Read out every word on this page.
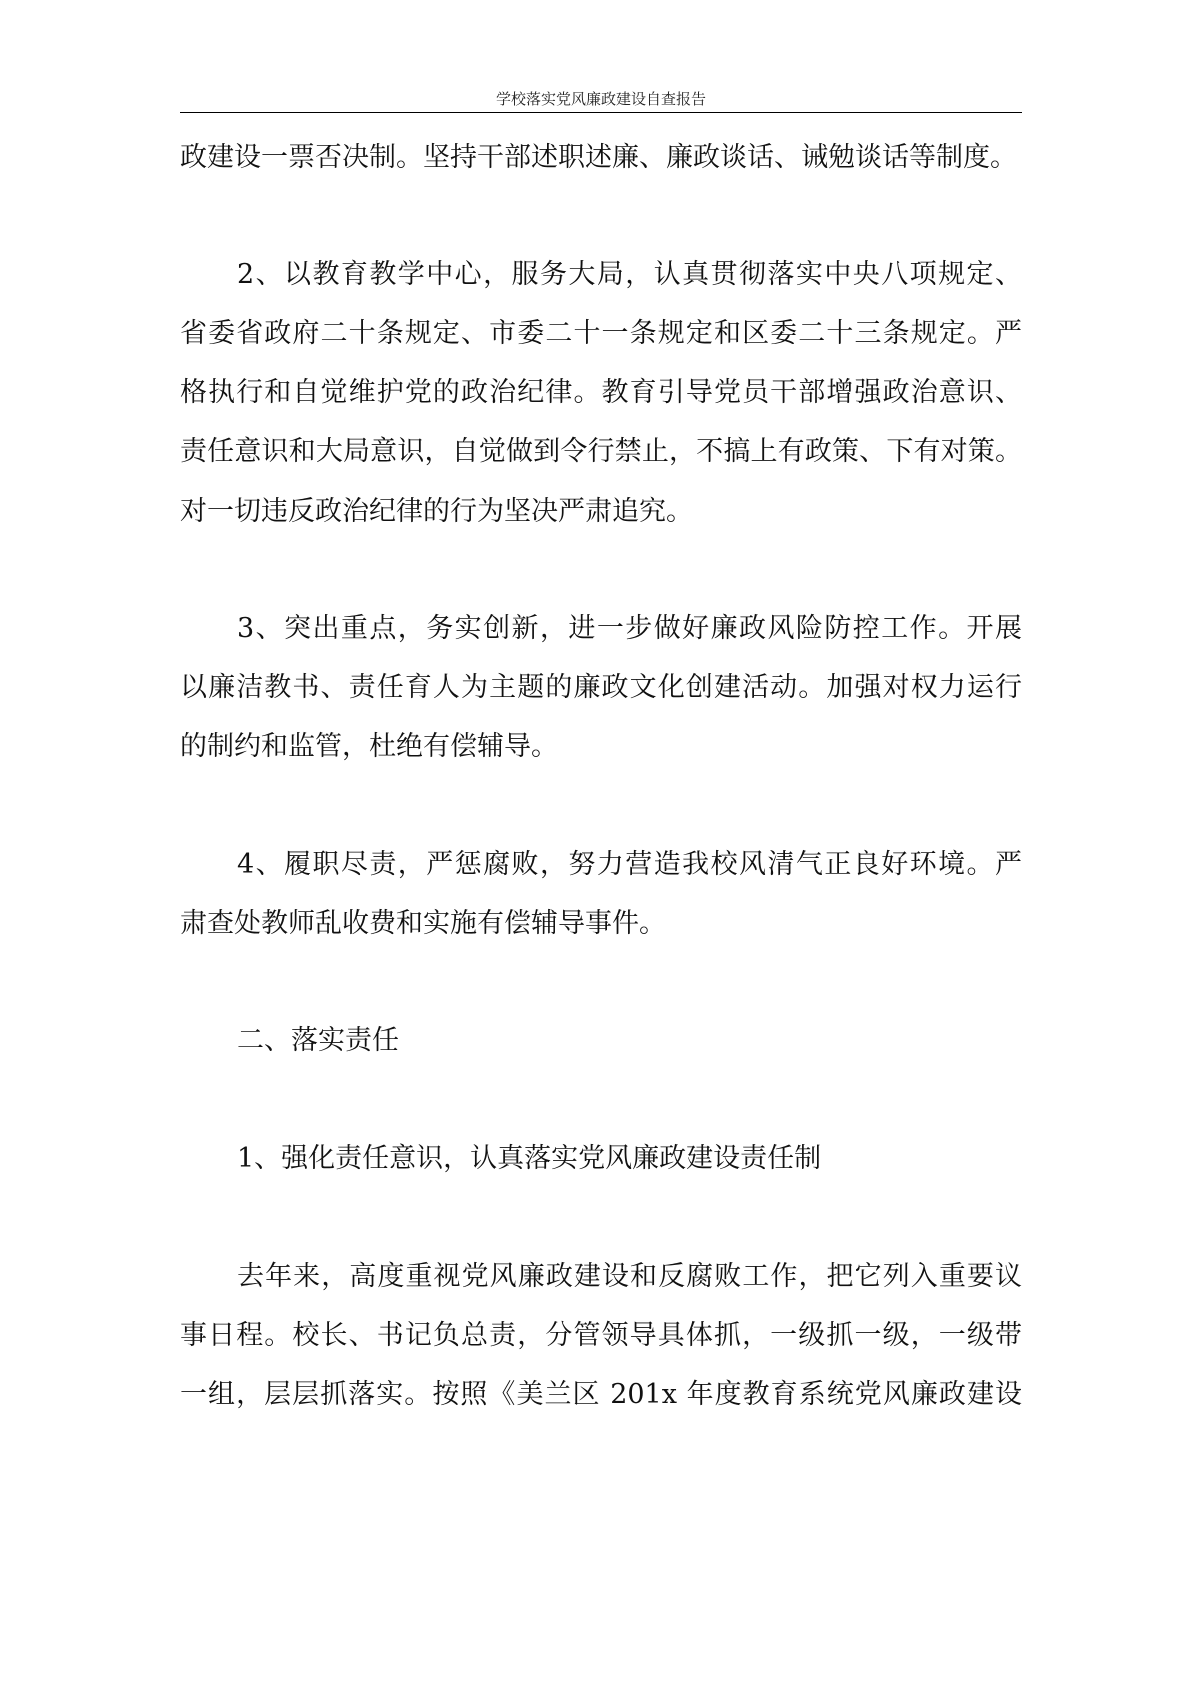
学校落实党风廉政建设自查报告
政建设一票否决制。坚持干部述职述廉、廉政谈话、诫勉谈话等制度。
2、以教育教学中心，服务大局，认真贯彻落实中央八项规定、
省委省政府二十条规定、市委二十一条规定和区委二十三条规定。严
格执行和自觉维护党的政治纪律。教育引导党员干部增强政治意识、
责任意识和大局意识，自觉做到令行禁止，不搞上有政策、下有对策。
对一切违反政治纪律的行为坚决严肃追究。
3、突出重点，务实创新，进一步做好廉政风险防控工作。开展
以廉洁教书、责任育人为主题的廉政文化创建活动。加强对权力运行
的制约和监管，杜绝有偿辅导。
4、履职尽责，严惩腐败，努力营造我校风清气正良好环境。严
肃查处教师乱收费和实施有偿辅导事件。
二、落实责任
1、强化责任意识，认真落实党风廉政建设责任制
去年来，高度重视党风廉政建设和反腐败工作，把它列入重要议
事日程。校长、书记负总责，分管领导具体抓，一级抓一级，一级带
一组，层层抓落实。按照《美兰区 201x 年度教育系统党风廉政建设
